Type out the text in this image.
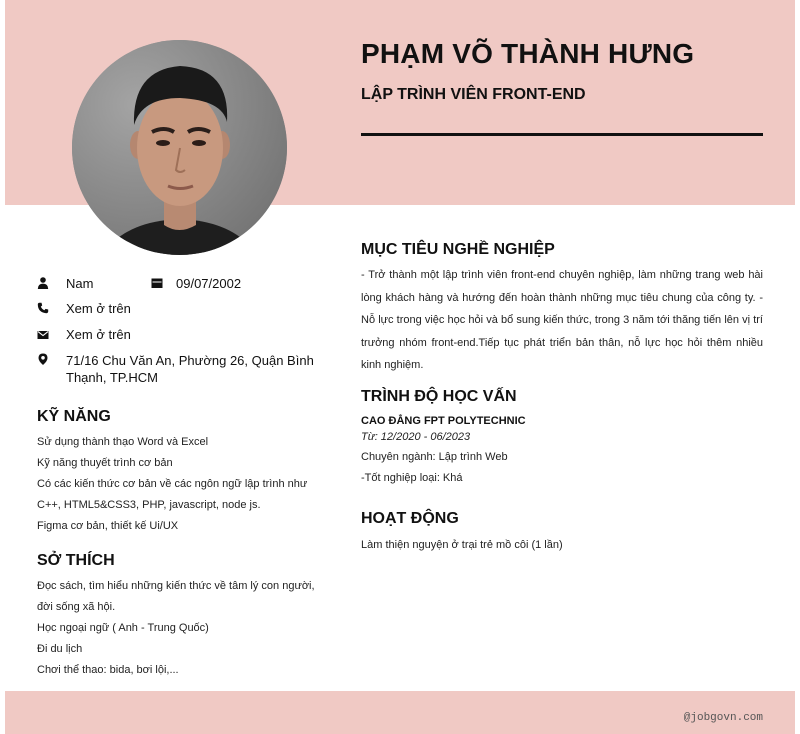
PHẠM VÕ THÀNH HƯNG
LẬP TRÌNH VIÊN FRONT-END
Nam	09/07/2002
Xem ở trên
Xem ở trên
71/16 Chu Văn An, Phường 26, Quận Bình
Thạnh, TP.HCM
KỸ NĂNG
Sử dụng thành thạo Word và Excel
Kỹ năng thuyết trình cơ bản
Có các kiến thức cơ bản về các ngôn ngữ lập trình như
C++, HTML5&CSS3, PHP, javascript, node js.
Figma cơ bản, thiết kế Ui/UX
SỞ THÍCH
Đọc sách, tìm hiểu những kiến thức về tâm lý con người,
đời sống xã hội.
Học ngoại ngữ ( Anh - Trung Quốc)
Đi du lịch
Chơi thể thao: bida, bơi lội,...
MỤC TIÊU NGHỀ NGHIỆP

- Trở thành một lập trình viên front-end chuyên nghiệp, làm những trang web hài lòng khách hàng và hướng đến hoàn thành những mục tiêu chung của công ty. - Nỗ lực trong việc học hỏi và bổ sung kiến thức, trong 3 năm tới thăng tiến lên vị trí trưởng nhóm front-end.Tiếp tục phát triển bản thân, nỗ lực học hỏi thêm nhiều kinh nghiệm.

TRÌNH ĐỘ HỌC VẤN

CAO ĐẲNG FPT POLYTECHNIC

Từ: 12/2020 - 06/2023

Chuyên ngành: Lập trình Web

-Tốt nghiệp loại: Khá

HOẠT ĐỘNG

Làm thiện nguyện ở trại trẻ mồ côi (1 lần)

@jobgovn.com
